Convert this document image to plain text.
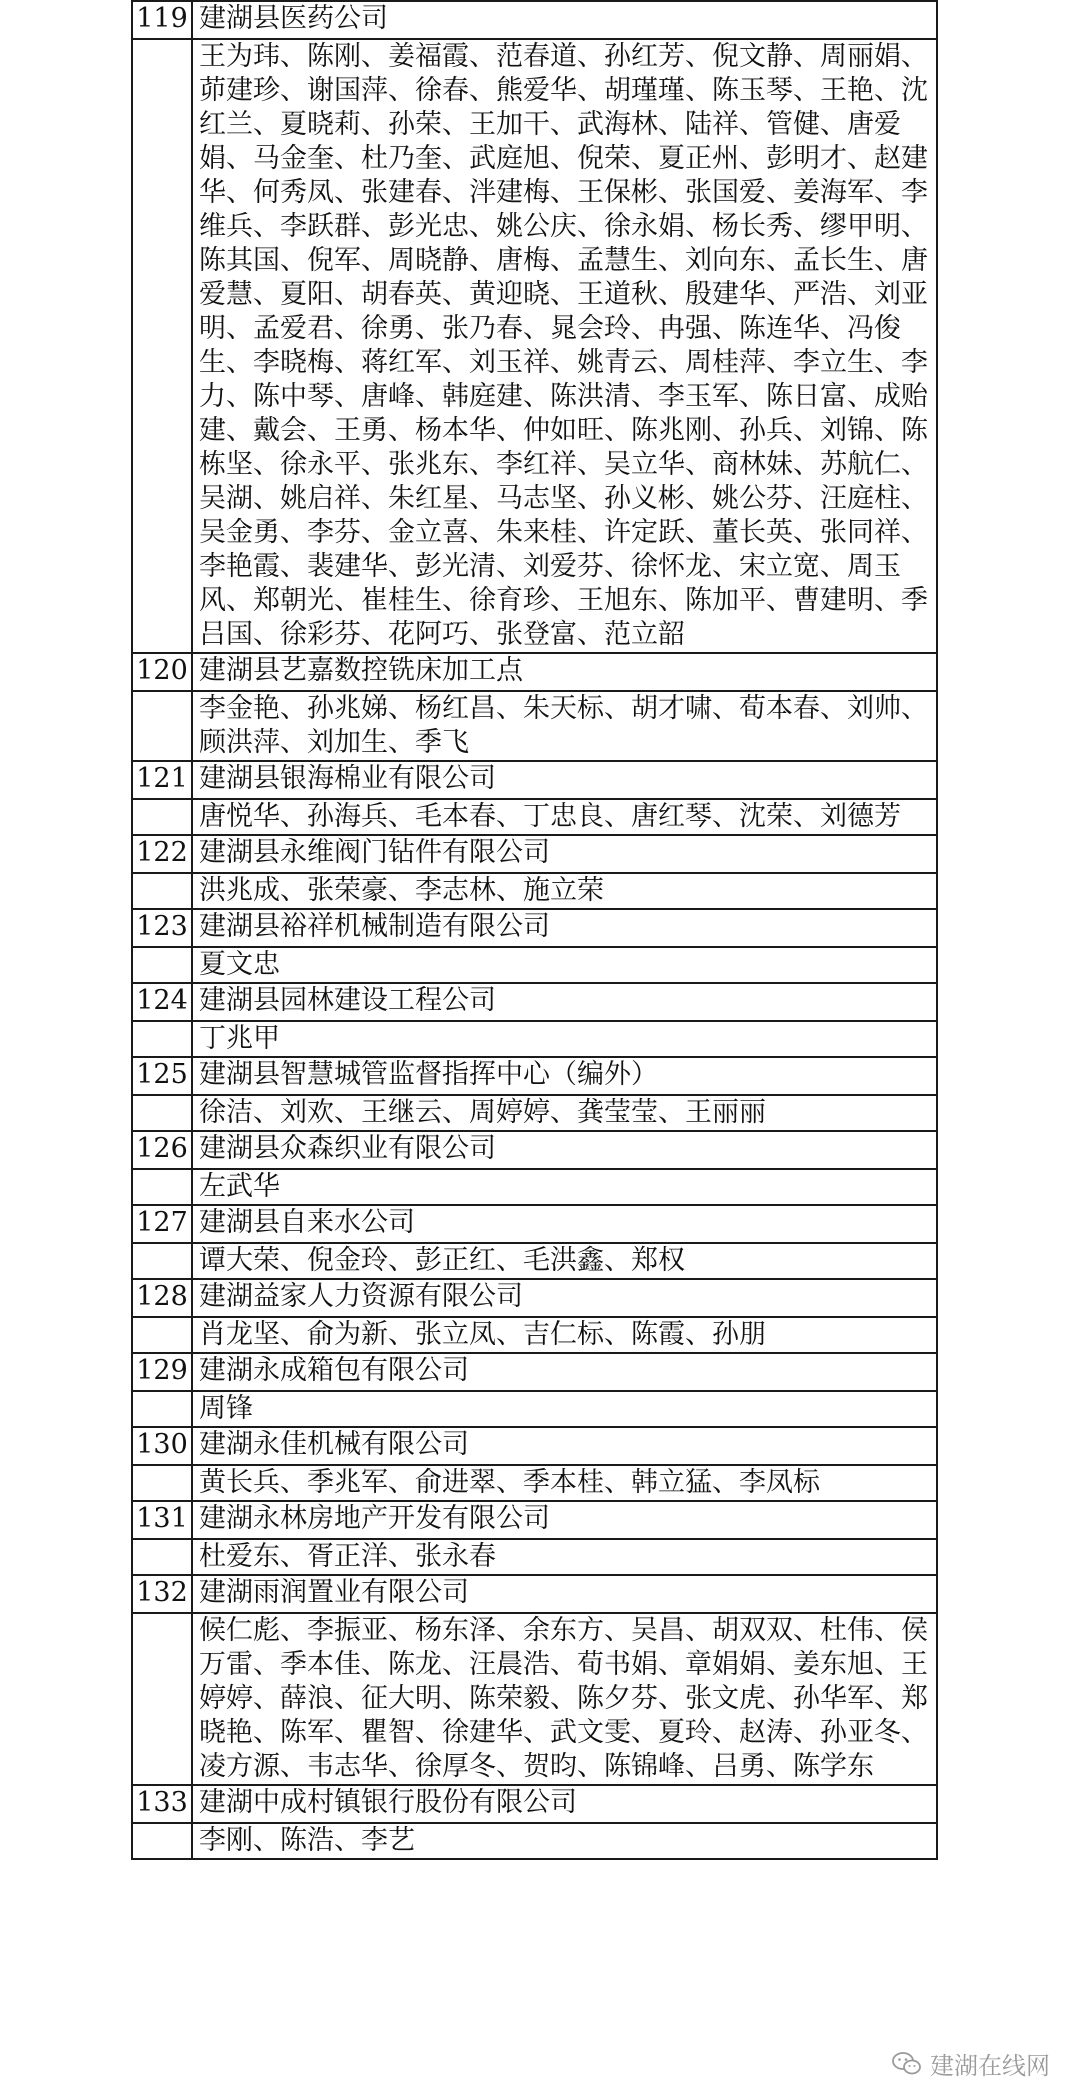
119	建湖县医药公司
	王为玮、陈刚、姜福霞、范春道、孙红芳、倪文静、周丽娟、茆建珍、谢国萍、徐春、熊爱华、胡瑾瑾、陈玉琴、王艳、沈红兰、夏晓莉、孙荣、王加干、武海林、陆祥、管健、唐爱娟、马金奎、杜乃奎、武庭旭、倪荣、夏正州、彭明才、赵建华、何秀凤、张建春、泮建梅、王保彬、张国爱、姜海军、李维兵、李跃群、彭光忠、姚公庆、徐永娟、杨长秀、缪甲明、陈其国、倪军、周晓静、唐梅、孟慧生、刘向东、孟长生、唐爱慧、夏阳、胡春英、黄迎晓、王道秋、殷建华、严浩、刘亚明、孟爱君、徐勇、张乃春、晁会玲、冉强、陈连华、冯俊生、李晓梅、蒋红军、刘玉祥、姚青云、周桂萍、李立生、李力、陈中琴、唐峰、韩庭建、陈洪清、李玉军、陈日富、成贻建、戴会、王勇、杨本华、仲如旺、陈兆刚、孙兵、刘锦、陈栋坚、徐永平、张兆东、李红祥、吴立华、商林妹、苏航仁、吴湖、姚启祥、朱红星、马志坚、孙义彬、姚公芬、汪庭柱、吴金勇、李芬、金立喜、朱来桂、许定跃、董长英、张同祥、李艳霞、裴建华、彭光清、刘爱芬、徐怀龙、宋立宽、周玉风、郑朝光、崔桂生、徐育珍、王旭东、陈加平、曹建明、季吕国、徐彩芬、花阿巧、张登富、范立韶
120	建湖县艺嘉数控铣床加工点
	李金艳、孙兆娣、杨红昌、朱天标、胡才啸、荀本春、刘帅、顾洪萍、刘加生、季飞
121	建湖县银海棉业有限公司
	唐悦华、孙海兵、毛本春、丁忠良、唐红琴、沈荣、刘德芳
122	建湖县永维阀门钻件有限公司
	洪兆成、张荣豪、李志林、施立荣
123	建湖县裕祥机械制造有限公司
	夏文忠
124	建湖县园林建设工程公司
	丁兆甲
125	建湖县智慧城管监督指挥中心（编外）
	徐洁、刘欢、王继云、周婷婷、龚莹莹、王丽丽
126	建湖县众森织业有限公司
	左武华
127	建湖县自来水公司
	谭大荣、倪金玲、彭正红、毛洪鑫、郑权
128	建湖益家人力资源有限公司
	肖龙坚、俞为新、张立凤、吉仁标、陈霞、孙朋
129	建湖永成箱包有限公司
	周锋
130	建湖永佳机械有限公司
	黄长兵、季兆军、俞进翠、季本桂、韩立猛、李凤标
131	建湖永林房地产开发有限公司
	杜爱东、胥正洋、张永春
132	建湖雨润置业有限公司
	候仁彪、李振亚、杨东泽、余东方、吴昌、胡双双、杜伟、侯万雷、季本佳、陈龙、汪晨浩、荀书娟、章娟娟、姜东旭、王婷婷、薛浪、征大明、陈荣毅、陈夕芬、张文虎、孙华军、郑晓艳、陈军、瞿智、徐建华、武文雯、夏玲、赵涛、孙亚冬、凌方源、韦志华、徐厚冬、贺昀、陈锦峰、吕勇、陈学东
133	建湖中成村镇银行股份有限公司
	李刚、陈浩、李艺
建湖在线网
